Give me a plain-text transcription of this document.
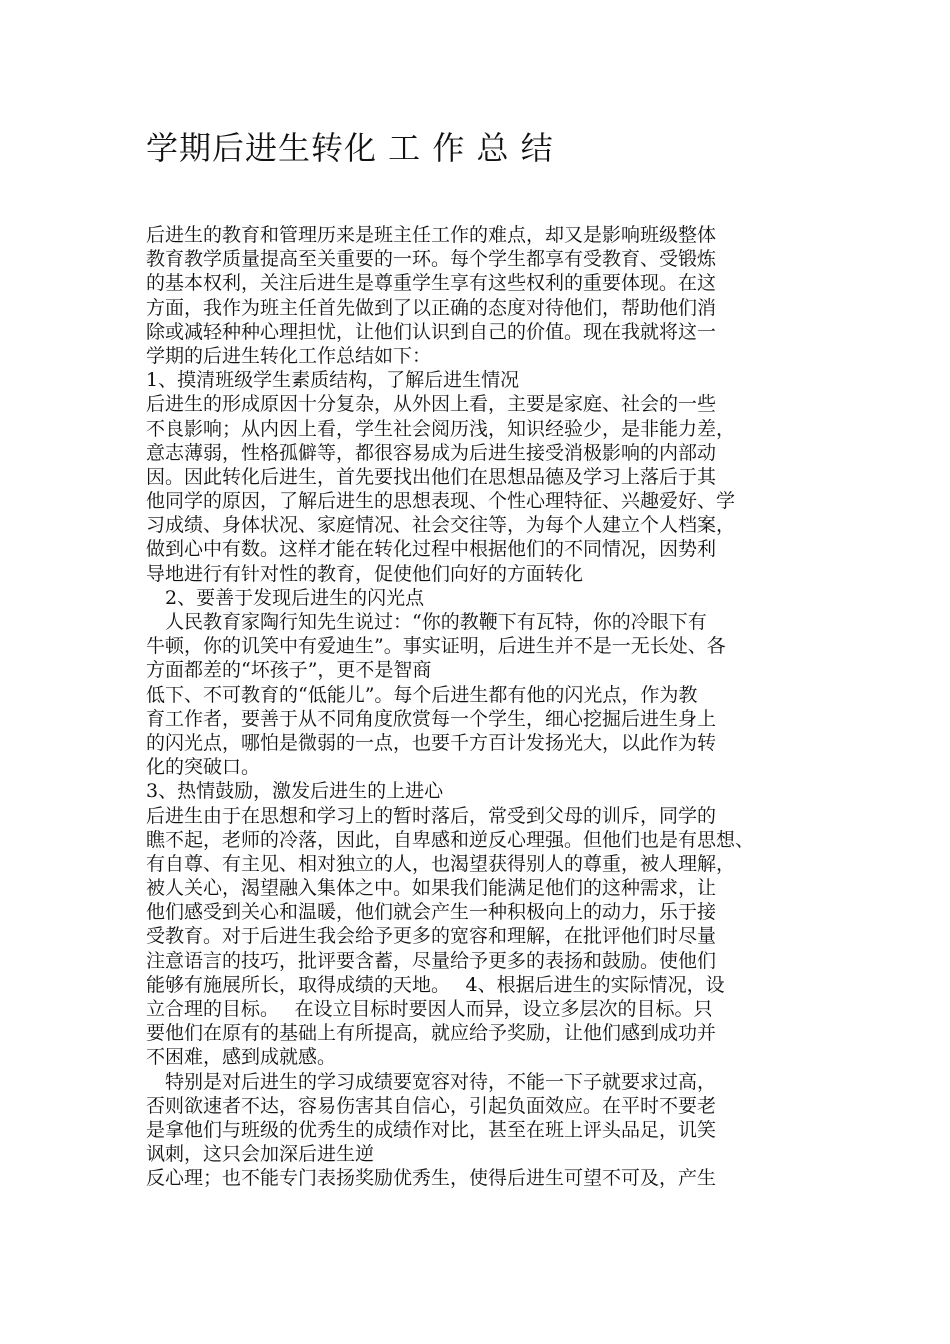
学期后进生转化 工 作 总 结
后进生的教育和管理历来是班主任工作的难点，却又是影响班级整体
教育教学质量提高至关重要的一环。每个学生都享有受教育、受锻炼
的基本权利，关注后进生是尊重学生享有这些权利的重要体现。在这
方面，我作为班主任首先做到了以正确的态度对待他们，帮助他们消
除或减轻种种心理担忧，让他们认识到自己的价值。现在我就将这一
学期的后进生转化工作总结如下：
1、摸清班级学生素质结构，了解后进生情况
后进生的形成原因十分复杂，从外因上看，主要是家庭、社会的一些
不良影响；从内因上看，学生社会阅历浅，知识经验少，是非能力差，
意志薄弱，性格孤僻等，都很容易成为后进生接受消极影响的内部动
因。因此转化后进生，首先要找出他们在思想品德及学习上落后于其
他同学的原因，了解后进生的思想表现、个性心理特征、兴趣爱好、学
习成绩、身体状况、家庭情况、社会交往等，为每个人建立个人档案，
做到心中有数。这样才能在转化过程中根据他们的不同情况，因势利
导地进行有针对性的教育，促使他们向好的方面转化
　2、要善于发现后进生的闪光点
　人民教育家陶行知先生说过：“你的教鞭下有瓦特，你的冷眼下有
牛顿，你的讥笑中有爱迪生”。事实证明，后进生并不是一无长处、各
方面都差的“坏孩子”，更不是智商
低下、不可教育的“低能儿”。每个后进生都有他的闪光点，作为教
育工作者，要善于从不同角度欣赏每一个学生，细心挖掘后进生身上
的闪光点，哪怕是微弱的一点，也要千方百计发扬光大，以此作为转
化的突破口。
3、热情鼓励，激发后进生的上进心
后进生由于在思想和学习上的暂时落后，常受到父母的训斥，同学的
瞧不起，老师的冷落，因此，自卑感和逆反心理强。但他们也是有思想、
有自尊、有主见、相对独立的人，也渴望获得别人的尊重，被人理解，
被人关心，渴望融入集体之中。如果我们能满足他们的这种需求，让
他们感受到关心和温暖，他们就会产生一种积极向上的动力，乐于接
受教育。对于后进生我会给予更多的宽容和理解，在批评他们时尽量
注意语言的技巧，批评要含蓄，尽量给予更多的表扬和鼓励。使他们
能够有施展所长，取得成绩的天地。　 4、根据后进生的实际情况，设
立合理的目标。　 在设立目标时要因人而异，设立多层次的目标。只
要他们在原有的基础上有所提高，就应给予奖励，让他们感到成功并
不困难，感到成就感。
　特别是对后进生的学习成绩要宽容对待，不能一下子就要求过高，
否则欲速者不达，容易伤害其自信心，引起负面效应。在平时不要老
是拿他们与班级的优秀生的成绩作对比，甚至在班上评头品足，讥笑
讽刺，这只会加深后进生逆
反心理；也不能专门表扬奖励优秀生，使得后进生可望不可及，产生
